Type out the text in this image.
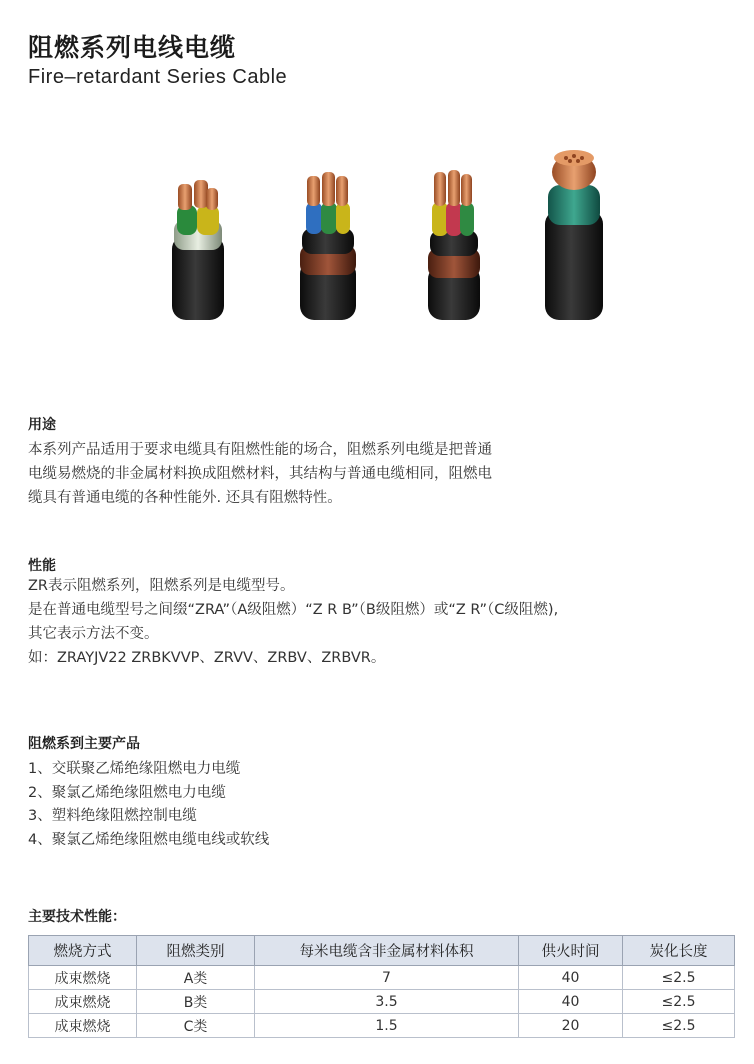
阻燃系列电线电缆
Fire–retardant Series Cable
用途
本系列产品适用于要求电缆具有阻燃性能的场合，阻燃系列电缆是把普通
电缆易燃烧的非金属材料换成阻燃材料，其结构与普通电缆相同，阻燃电
缆具有普通电缆的各种性能外. 还具有阻燃特性。
性能
ZR表示阻燃系列，阻燃系列是电缆型号。
是在普通电缆型号之间缀“ZRA”（A级阻燃）“Z R B”（B级阻燃）或“Z R”（C级阻燃),
其它表示方法不变。
如：ZRAYJV22 ZRBKVVP、ZRVV、ZRBV、ZRBVR。
阻燃系到主要产品
1、交联聚乙烯绝缘阻燃电力电缆
2、聚氯乙烯绝缘阻燃电力电缆
3、塑料绝缘阻燃控制电缆
4、聚氯乙烯绝缘阻燃电缆电线或软线
主要技术性能：
燃烧方式	阻燃类别	每米电缆含非金属材料体积	供火时间	炭化长度
成束燃烧	A类	7	40	≤2.5
成束燃烧	B类	3.5	40	≤2.5
成束燃烧	C类	1.5	20	≤2.5
